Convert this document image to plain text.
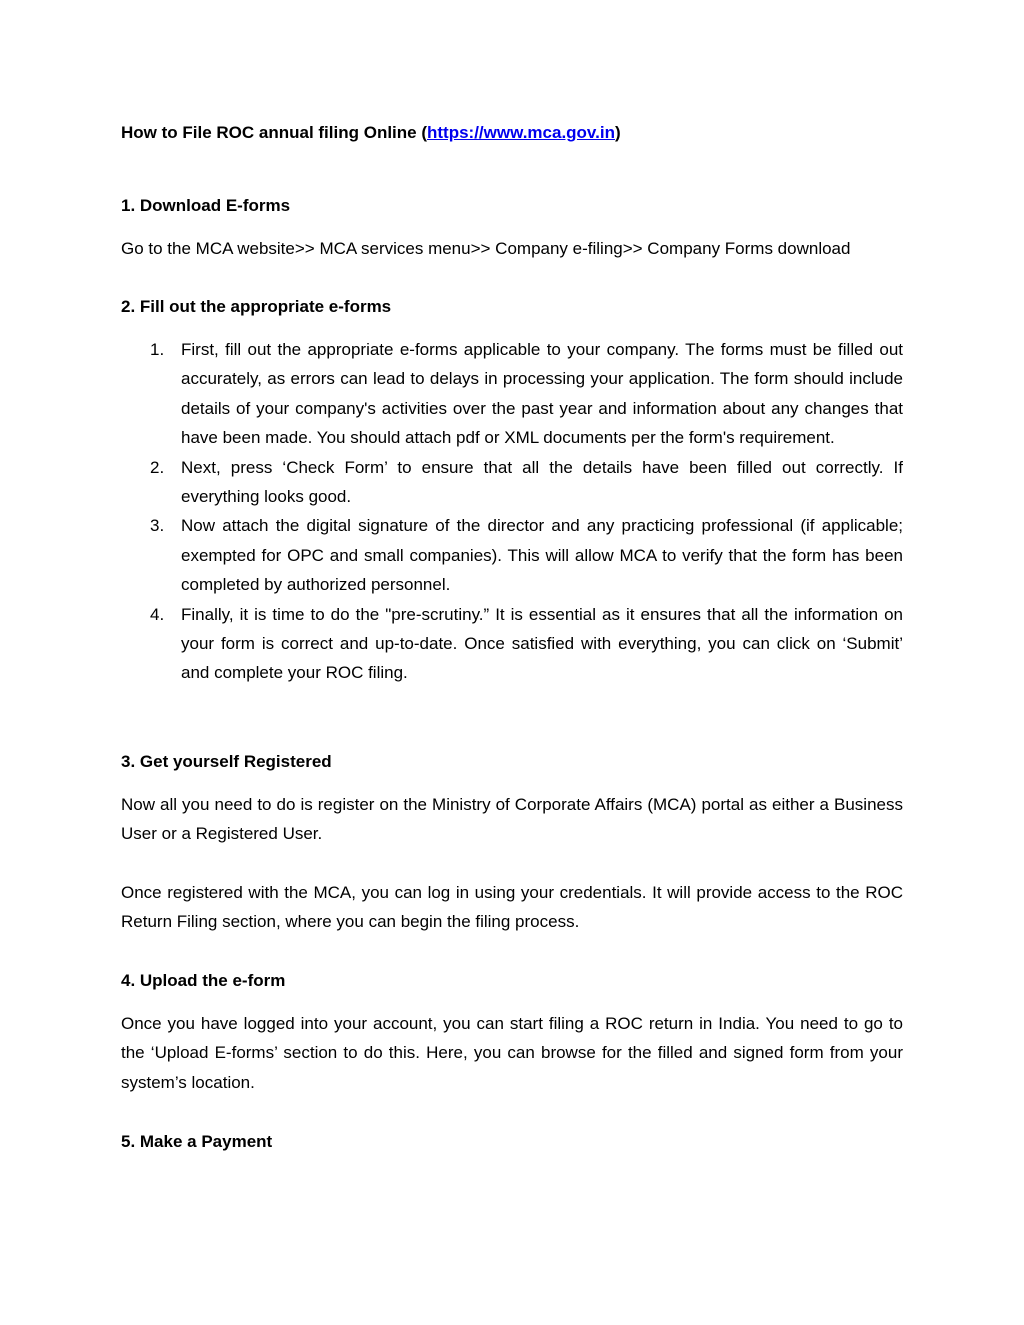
How to File ROC annual filing Online (https://www.mca.gov.in)
1. Download E-forms
Go to the MCA website>> MCA services menu>> Company e-filing>> Company Forms download
2. Fill out the appropriate e-forms
1. First, fill out the appropriate e-forms applicable to your company. The forms must be filled out accurately, as errors can lead to delays in processing your application. The form should include details of your company's activities over the past year and information about any changes that have been made. You should attach pdf or XML documents per the form's requirement.
2. Next, press ‘Check Form’ to ensure that all the details have been filled out correctly. If everything looks good.
3. Now attach the digital signature of the director and any practicing professional (if applicable; exempted for OPC and small companies). This will allow MCA to verify that the form has been completed by authorized personnel.
4. Finally, it is time to do the "pre-scrutiny.” It is essential as it ensures that all the information on your form is correct and up-to-date. Once satisfied with everything, you can click on ‘Submit’ and complete your ROC filing.
3. Get yourself Registered
Now all you need to do is register on the Ministry of Corporate Affairs (MCA) portal as either a Business User or a Registered User.
Once registered with the MCA, you can log in using your credentials. It will provide access to the ROC Return Filing section, where you can begin the filing process.
4. Upload the e-form
Once you have logged into your account, you can start filing a ROC return in India. You need to go to the ‘Upload E-forms’ section to do this. Here, you can browse for the filled and signed form from your system’s location.
5. Make a Payment
